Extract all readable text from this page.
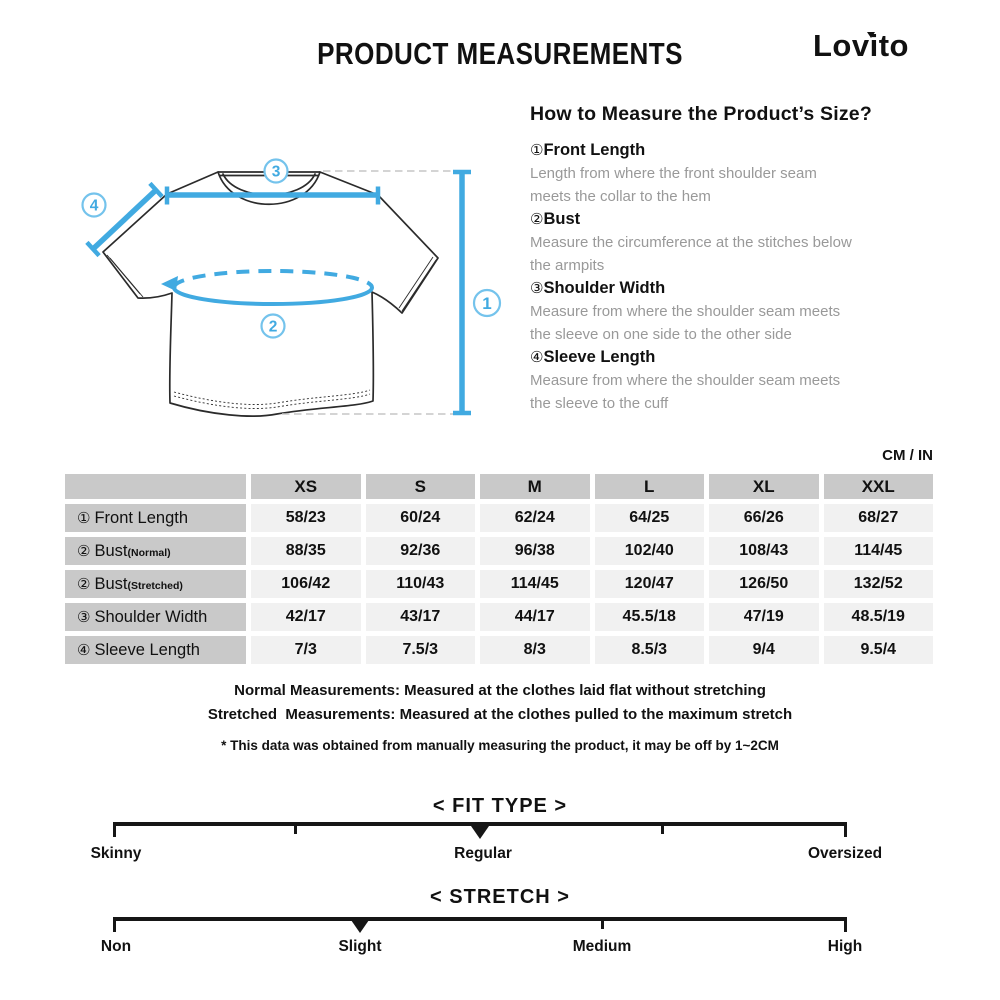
PRODUCT MEASUREMENTS	Lovito
1
2
3
4
How to Measure the Product’s Size?
①Front Length
Length from where the front shoulder seam
meets the collar to the hem
②Bust
Measure the circumference at the stitches below
the armpits
③Shoulder Width
Measure from where the shoulder seam meets
the sleeve on one side to the other side
④Sleeve Length
Measure from where the shoulder seam meets
the sleeve to the cuff
CM / IN
XS	S	M	L	XL	XXL
① Front Length	58/23	60/24	62/24	64/25	66/26	68/27
② Bust(Normal)	88/35	92/36	96/38	102/40	108/43	114/45
② Bust(Stretched)	106/42	110/43	114/45	120/47	126/50	132/52
③ Shoulder Width	42/17	43/17	44/17	45.5/18	47/19	48.5/19
④ Sleeve Length	7/3	7.5/3	8/3	8.5/3	9/4	9.5/4
Normal Measurements: Measured at the clothes laid flat without stretching
Stretched  Measurements: Measured at the clothes pulled to the maximum stretch
* This data was obtained from manually measuring the product, it may be off by 1~2CM
< FIT TYPE >
Skinny	Regular	Oversized
< STRETCH >
Non	Slight	Medium	High
